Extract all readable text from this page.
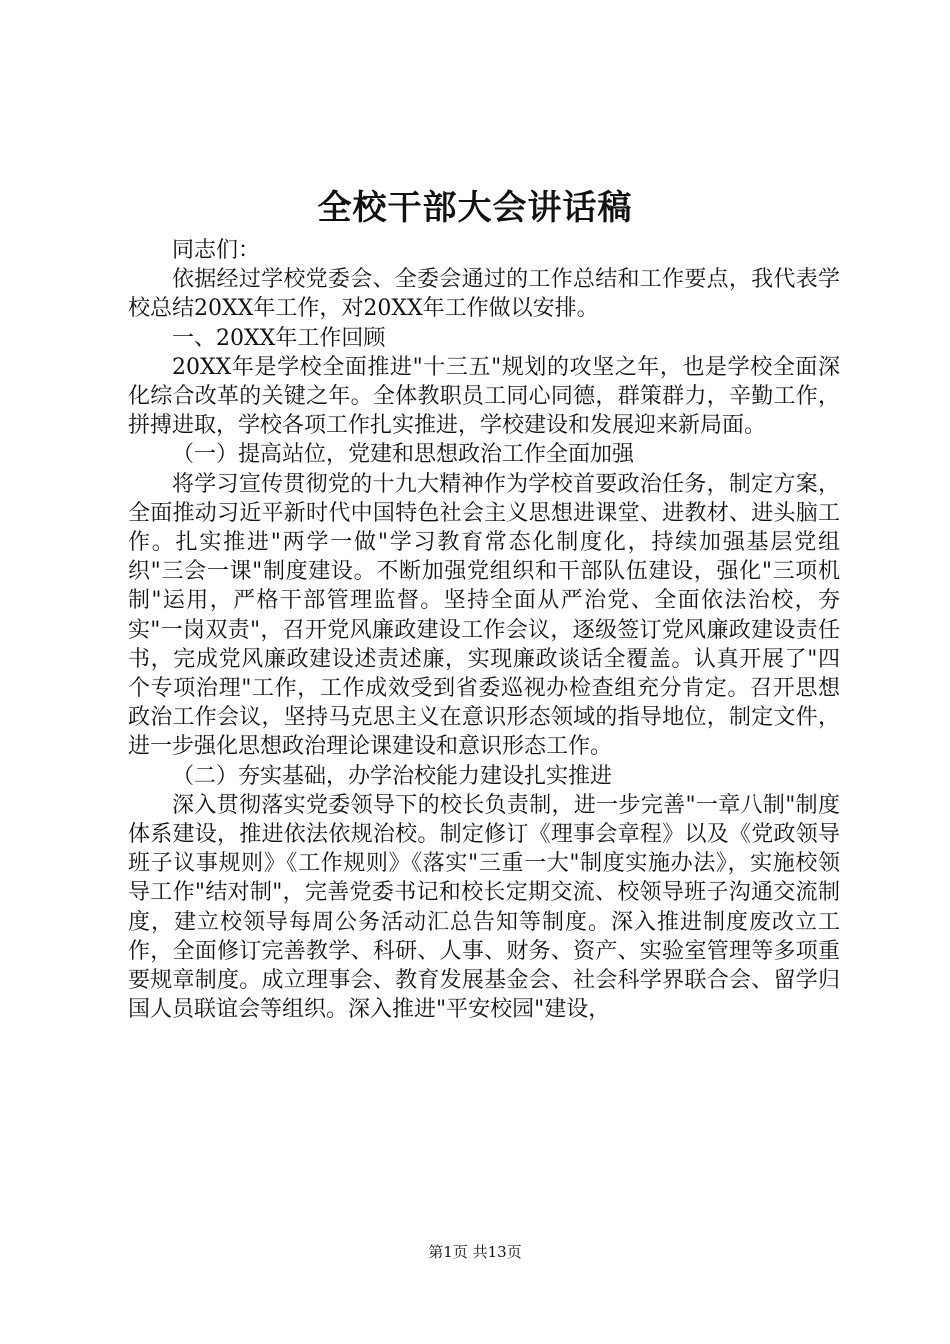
全校干部大会讲话稿

同志们：

依据经过学校党委会、全委会通过的工作总结和工作要点，我代表学校总结20XX年工作，对20XX年工作做以安排。

一、20XX年工作回顾

20XX年是学校全面推进"十三五"规划的攻坚之年，也是学校全面深化综合改革的关键之年。全体教职员工同心同德，群策群力，辛勤工作，拼搏进取，学校各项工作扎实推进，学校建设和发展迎来新局面。

（一）提高站位，党建和思想政治工作全面加强

将学习宣传贯彻党的十九大精神作为学校首要政治任务，制定方案，全面推动习近平新时代中国特色社会主义思想进课堂、进教材、进头脑工作。扎实推进"两学一做"学习教育常态化制度化，持续加强基层党组织"三会一课"制度建设。不断加强党组织和干部队伍建设，强化"三项机制"运用，严格干部管理监督。坚持全面从严治党、全面依法治校，夯实"一岗双责"，召开党风廉政建设工作会议，逐级签订党风廉政建设责任书，完成党风廉政建设述责述廉，实现廉政谈话全覆盖。认真开展了"四个专项治理"工作，工作成效受到省委巡视办检查组充分肯定。召开思想政治工作会议，坚持马克思主义在意识形态领域的指导地位，制定文件，进一步强化思想政治理论课建设和意识形态工作。

（二）夯实基础，办学治校能力建设扎实推进

深入贯彻落实党委领导下的校长负责制，进一步完善"一章八制"制度体系建设，推进依法依规治校。制定修订《理事会章程》以及《党政领导班子议事规则》《工作规则》《落实"三重一大"制度实施办法》，实施校领导工作"结对制"，完善党委书记和校长定期交流、校领导班子沟通交流制度，建立校领导每周公务活动汇总告知等制度。深入推进制度废改立工作，全面修订完善教学、科研、人事、财务、资产、实验室管理等多项重要规章制度。成立理事会、教育发展基金会、社会科学界联合会、留学归国人员联谊会等组织。深入推进"平安校园"建设，

第1页 共13页
